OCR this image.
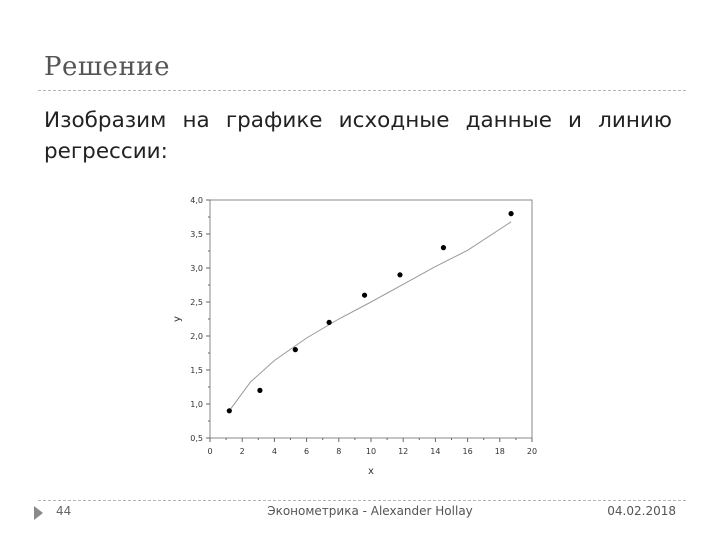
Решение
Изобразим на графике исходные данные и линию регрессии:
0	2	4	6	8	10	12	14	16	18	20
0,5
1,0
1,5
2,0
2,5
3,0
3,5
4,0
x
y
44	Эконометрика - Alexander Hollay	04.02.2018
